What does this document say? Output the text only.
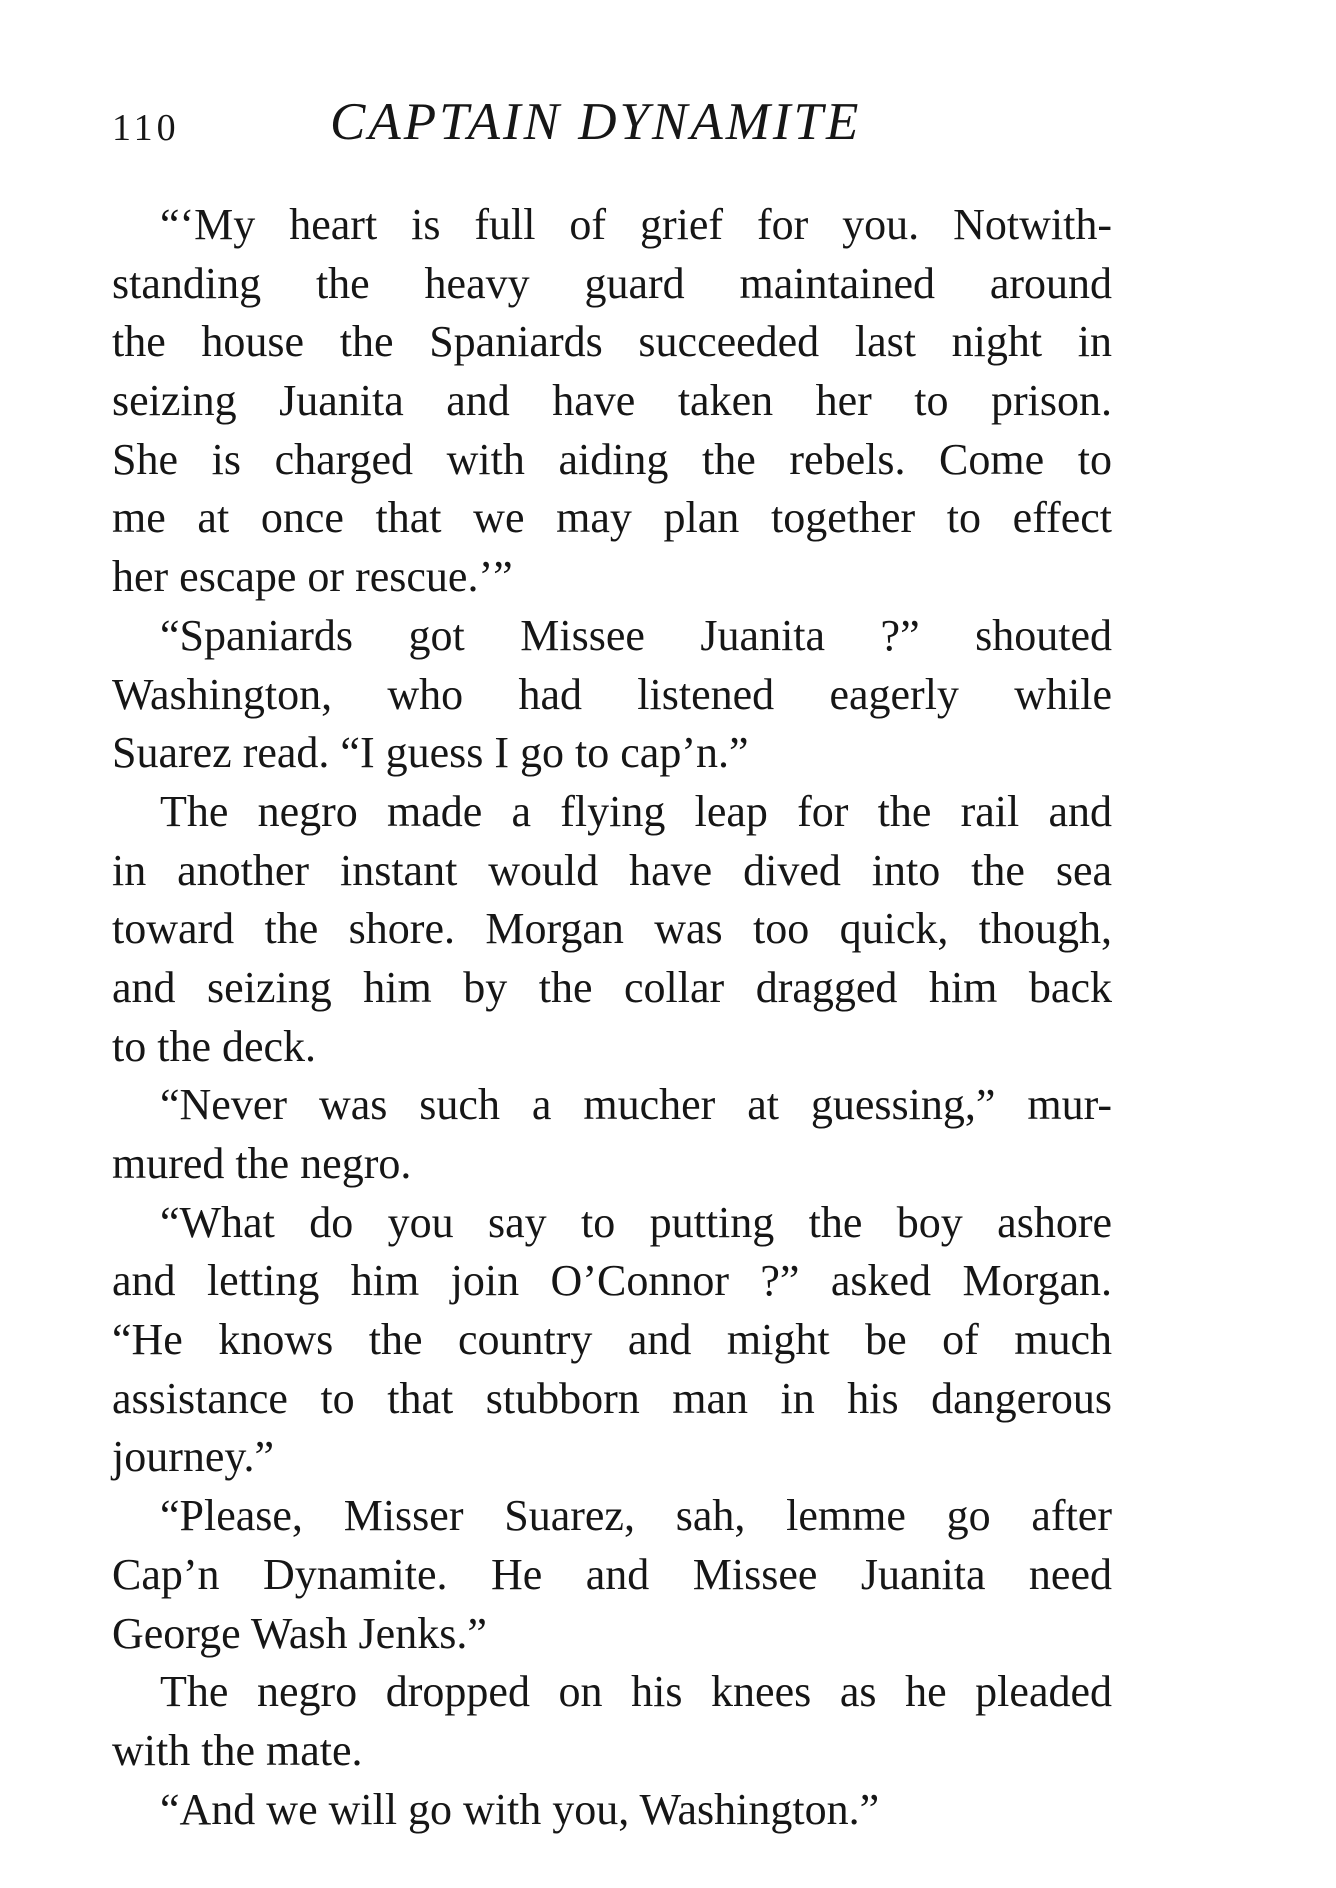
110	CAPTAIN DYNAMITE
“‘My heart is full of grief for you. Notwith-
standing the heavy guard maintained around
the house the Spaniards succeeded last night in
seizing Juanita and have taken her to prison.
She is charged with aiding the rebels. Come to
me at once that we may plan together to effect
her escape or rescue.’”
“Spaniards got Missee Juanita ?” shouted
Washington, who had listened eagerly while
Suarez read. “I guess I go to cap’n.”
The negro made a flying leap for the rail and
in another instant would have dived into the sea
toward the shore. Morgan was too quick, though,
and seizing him by the collar dragged him back
to the deck.
“Never was such a mucher at guessing,” mur-
mured the negro.
“What do you say to putting the boy ashore
and letting him join O’Connor ?” asked Morgan.
“He knows the country and might be of much
assistance to that stubborn man in his dangerous
journey.”
“Please, Misser Suarez, sah, lemme go after
Cap’n Dynamite. He and Missee Juanita need
George Wash Jenks.”
The negro dropped on his knees as he pleaded
with the mate.
“And we will go with you, Washington.”
